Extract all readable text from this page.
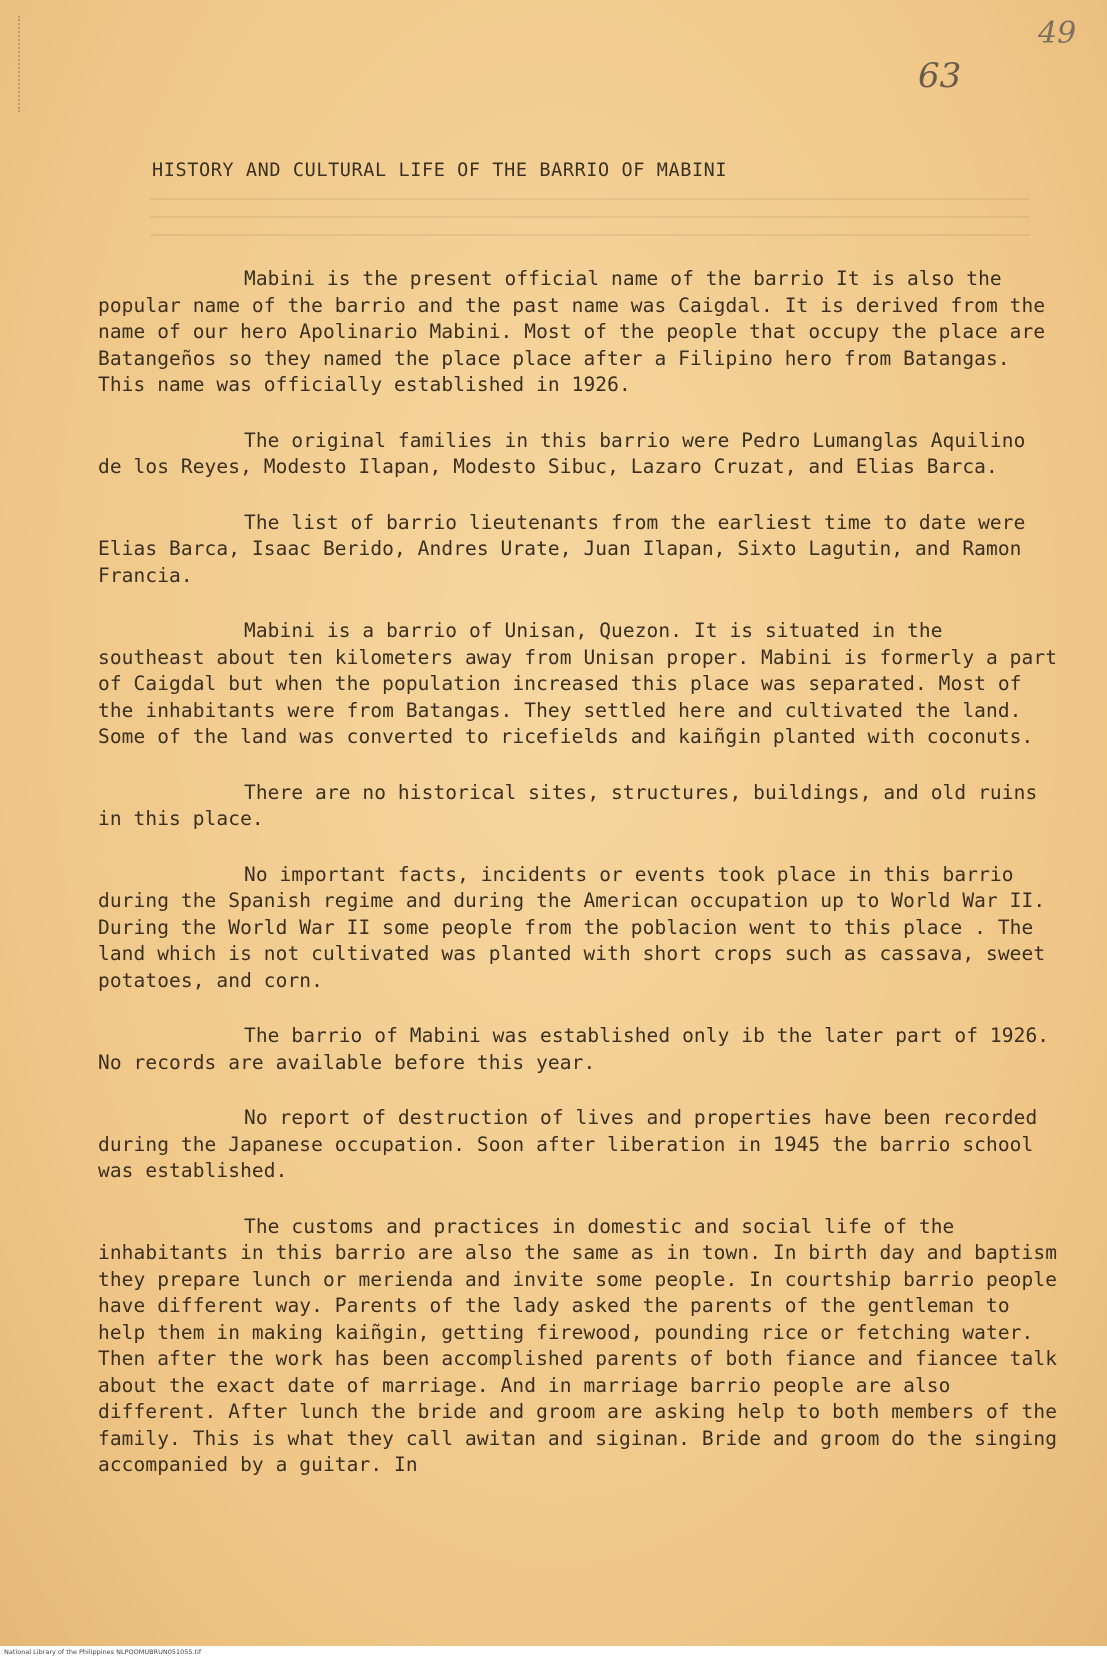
49
63
HISTORY AND CULTURAL LIFE OF THE BARRIO OF MABINI

Mabini is the present official name of the barrio It is also the popular name of the barrio and the past name was Caigdal. It is derived from the name of our hero Apolinario Mabini. Most of the people that occupy the place are Batangeños so they named the place place after a Filipino hero from Batangas. This name was officially established in 1926.

The original families in this barrio were Pedro Lumanglas Aquilino de los Reyes, Modesto Ilapan, Modesto Sibuc, Lazaro Cruzat, and Elias Barca.

The list of barrio lieutenants from the earliest time to date were Elias Barca, Isaac Berido, Andres Urate, Juan Ilapan, Sixto Lagutin, and Ramon Francia.

Mabini is a barrio of Unisan, Quezon. It is situated in the southeast about ten kilometers away from Unisan proper. Mabini is formerly a part of Caigdal but when the population increased this place was separated. Most of the inhabitants were from Batangas. They settled here and cultivated the land. Some of the land was converted to ricefields and kaiñgin planted with coconuts.

There are no historical sites, structures, buildings, and old ruins in this place.

No important facts, incidents or events took place in this barrio during the Spanish regime and during the American occupation up to World War II. During the World War II some people from the poblacion went to this place . The land which is not cultivated was planted with short crops such as cassava, sweet potatoes, and corn.

The barrio of Mabini was established only ib the later part of 1926. No records are available before this year.

No report of destruction of lives and properties have been recorded during the Japanese occupation. Soon after liberation in 1945 the barrio school was established.

The customs and practices in domestic and social life of the inhabitants in this barrio are also the same as in town. In birth day and baptism they prepare lunch or merienda and invite some people. In courtship barrio people have different way. Parents of the lady asked the parents of the gentleman to help them in making kaiñgin, getting firewood, pounding rice or fetching water. Then after the work has been accomplished parents of both fiance and fiancee talk about the exact date of marriage. And in marriage barrio people are also different. After lunch the bride and groom are asking help to both members of the family. This is what they call awitan and siginan. Bride and groom do the singing accompanied by a guitar. In

National Library of the Philippines NLPOOMUBRUN051055.tif
